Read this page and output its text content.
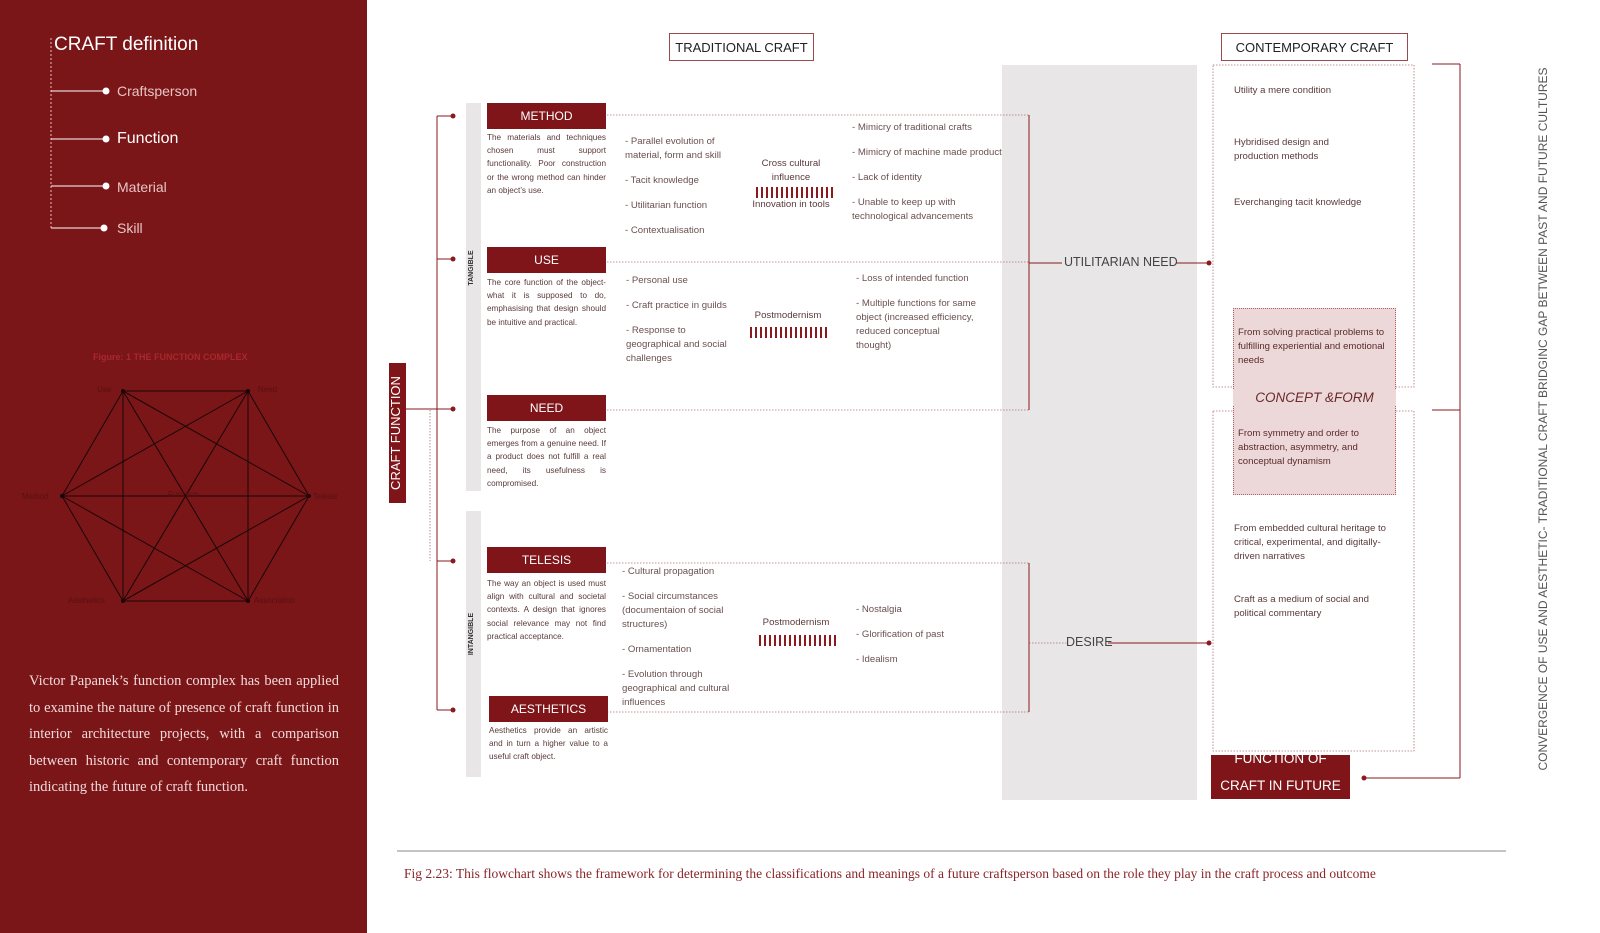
CRAFT definition
Craftsperson
Function
Material
Skill
Figure: 1 THE FUNCTION COMPLEX
Use	Need
Method	Function	Telesis
Aesthetics	Association
Victor Papanek’s function complex has been applied to examine the nature of presence of craft function in interior architecture projects, with a comparison between historic and contemporary craft function indicating the future of craft function.
TRADITIONAL CRAFT	CONTEMPORARY CRAFT
CRAFT FUNCTION
TANGIBLE
INTANGIBLE
METHOD
The materials and techniques chosen must support functionality. Poor construction or the wrong method can hinder an object’s use.
USE
The core function of the object- what it is supposed to do, emphasising that design should be intuitive and practical.
NEED
The purpose of an object emerges from a genuine need. If a product does not fulfill a real need, its usefulness is compromised.
TELESIS
The way an object is used must align with cultural and societal contexts. A design that ignores social relevance may not find practical acceptance.
AESTHETICS
Aesthetics provide an artistic and in turn a higher value to a useful craft object.
- Parallel evolution of material, form and skill
- Tacit knowledge
- Utilitarian function
- Contextualisation
Cross cultural influence
Innovation in tools
- Mimicry of traditional crafts
- Mimicry of machine made product
- Lack of identity
- Unable to keep up with technological advancements
- Personal use
- Craft practice in guilds
- Response to geographical and social challenges
Postmodernism
- Loss of intended function
- Multiple functions for same object (increased efficiency, reduced conceptual thought)
- Cultural propagation
- Social circumstances (documentaion of social structures)
- Ornamentation
- Evolution through geographical and cultural influences
Postmodernism
- Nostalgia
- Glorification of past
- Idealism
UTILITARIAN NEED
DESIRE
Utility a mere condition
Hybridised design and production methods
Everchanging tacit knowledge
From solving practical problems to fulfilling experiential and emotional needs
CONCEPT &FORM
From symmetry and order to abstraction, asymmetry, and conceptual dynamism
From embedded cultural heritage to critical, experimental, and digitally-driven narratives
Craft as a medium of social and political commentary
FUNCTION OF
CRAFT IN FUTURE
CONVERGENCE OF USE AND AESTHETIC- TRADITIONAL CRAFT BRIDGINC GAP BETWEEN PAST AND FUTURE CULTURES
Fig 2.23: This flowchart shows the framework for determining the classifications and meanings of a future craftsperson based on the role they play in the craft process and outcome
